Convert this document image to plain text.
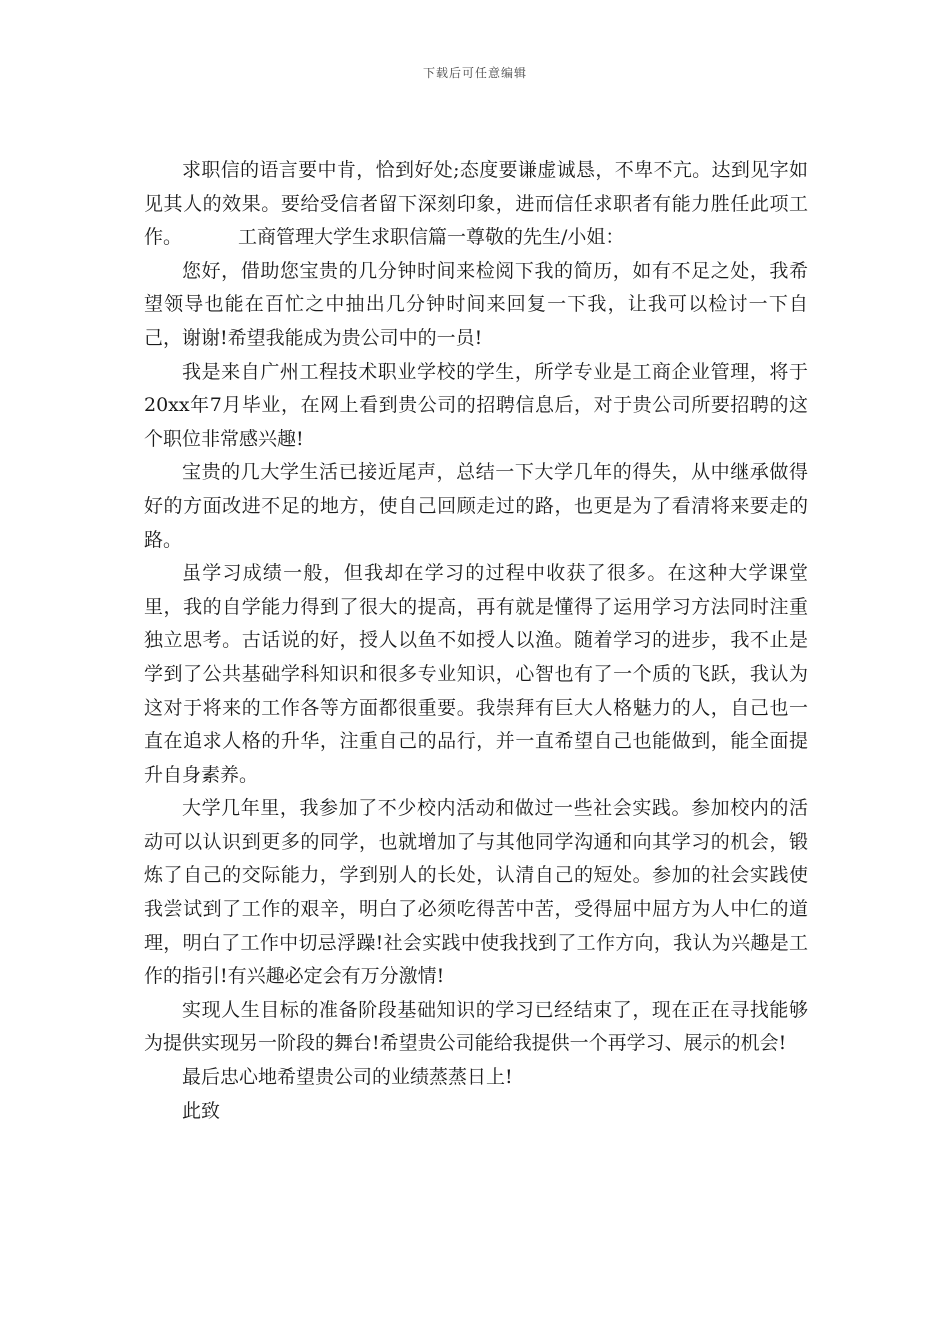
下载后可任意编辑

求职信的语言要中肯，恰到好处;态度要谦虚诚恳，不卑不亢。达到见字如见其人的效果。要给受信者留下深刻印象，进而信任求职者有能力胜任此项工作。	工商管理大学生求职信篇一尊敬的先生/小姐：

您好，借助您宝贵的几分钟时间来检阅下我的简历，如有不足之处，我希望领导也能在百忙之中抽出几分钟时间来回复一下我，让我可以检讨一下自己，谢谢!希望我能成为贵公司中的一员!

我是来自广州工程技术职业学校的学生，所学专业是工商企业管理，将于20xx年7月毕业，在网上看到贵公司的招聘信息后，对于贵公司所要招聘的这个职位非常感兴趣!

宝贵的几大学生活已接近尾声，总结一下大学几年的得失，从中继承做得好的方面改进不足的地方，使自己回顾走过的路，也更是为了看清将来要走的路。

虽学习成绩一般，但我却在学习的过程中收获了很多。在这种大学课堂里，我的自学能力得到了很大的提高，再有就是懂得了运用学习方法同时注重独立思考。古话说的好，授人以鱼不如授人以渔。随着学习的进步，我不止是学到了公共基础学科知识和很多专业知识，心智也有了一个质的飞跃，我认为这对于将来的工作各等方面都很重要。我崇拜有巨大人格魅力的人，自己也一直在追求人格的升华，注重自己的品行，并一直希望自己也能做到，能全面提升自身素养。

大学几年里，我参加了不少校内活动和做过一些社会实践。参加校内的活动可以认识到更多的同学，也就增加了与其他同学沟通和向其学习的机会，锻炼了自己的交际能力，学到别人的长处，认清自己的短处。参加的社会实践使我尝试到了工作的艰辛，明白了必须吃得苦中苦，受得屈中屈方为人中仁的道理，明白了工作中切忌浮躁!社会实践中使我找到了工作方向，我认为兴趣是工作的指引!有兴趣必定会有万分激情!

实现人生目标的准备阶段基础知识的学习已经结束了，现在正在寻找能够为提供实现另一阶段的舞台!希望贵公司能给我提供一个再学习、展示的机会!

最后忠心地希望贵公司的业绩蒸蒸日上!

此致
